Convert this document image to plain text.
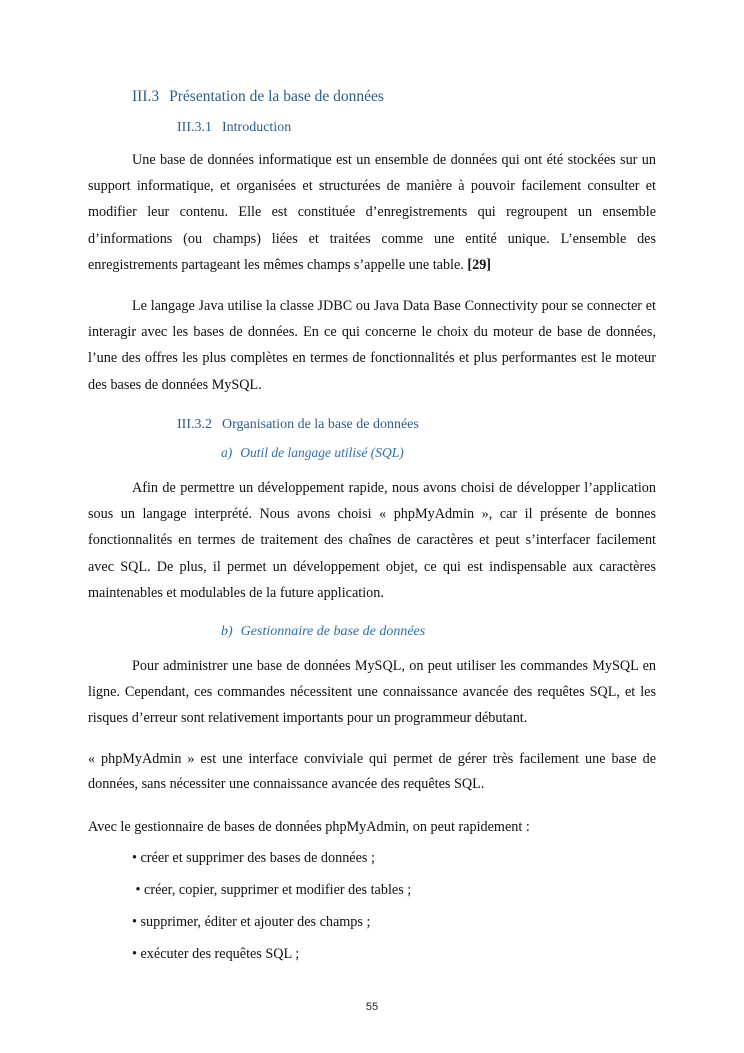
III.3 Présentation de la base de données
III.3.1 Introduction

Une base de données informatique est un ensemble de données qui ont été stockées sur un support informatique, et organisées et structurées de manière à pouvoir facilement consulter et modifier leur contenu. Elle est constituée d’enregistrements qui regroupent un ensemble d’informations (ou champs) liées et traitées comme une entité unique. L’ensemble des enregistrements partageant les mêmes champs s’appelle une table. [29]

Le langage Java utilise la classe JDBC ou Java Data Base Connectivity pour se connecter et interagir avec les bases de données. En ce qui concerne le choix du moteur de base de données, l’une des offres les plus complètes en termes de fonctionnalités et plus performantes est le moteur des bases de données MySQL.

III.3.2 Organisation de la base de données
a) Outil de langage utilisé (SQL)

Afin de permettre un développement rapide, nous avons choisi de développer l’application sous un langage interprété. Nous avons choisi « phpMyAdmin », car il présente de bonnes fonctionnalités en termes de traitement des chaînes de caractères et peut s’interfacer facilement avec SQL. De plus, il permet un développement objet, ce qui est indispensable aux caractères maintenables et modulables de la future application.

b) Gestionnaire de base de données

Pour administrer une base de données MySQL, on peut utiliser les commandes MySQL en ligne. Cependant, ces commandes nécessitent une connaissance avancée des requêtes SQL, et les risques d’erreur sont relativement importants pour un programmeur débutant.

« phpMyAdmin » est une interface conviviale qui permet de gérer très facilement une base de données, sans nécessiter une connaissance avancée des requêtes SQL.

Avec le gestionnaire de bases de données phpMyAdmin, on peut rapidement :

• créer et supprimer des bases de données ;
• créer, copier, supprimer et modifier des tables ;
• supprimer, éditer et ajouter des champs ;
• exécuter des requêtes SQL ;
55
